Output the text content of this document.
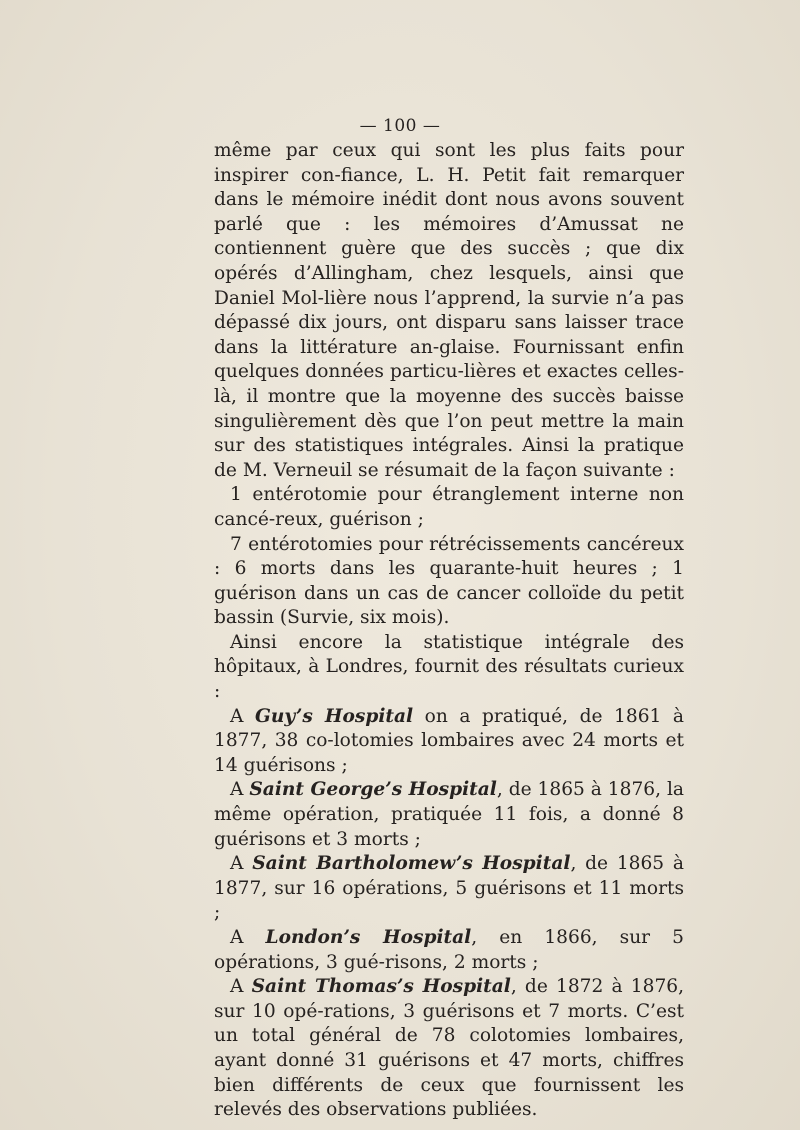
— 100 —

même par ceux qui sont les plus faits pour inspirer con-fiance, L. H. Petit fait remarquer dans le mémoire inédit dont nous avons souvent parlé que : les mémoires d’Amussat ne contiennent guère que des succès ; que dix opérés d’Allingham, chez lesquels, ainsi que Daniel Mol-lière nous l’apprend, la survie n’a pas dépassé dix jours, ont disparu sans laisser trace dans la littérature an-glaise. Fournissant enfin quelques données particu-lières et exactes celles-là, il montre que la moyenne des succès baisse singulièrement dès que l’on peut mettre la main sur des statistiques intégrales. Ainsi la pratique de M. Verneuil se résumait de la façon suivante :

1 entérotomie pour étranglement interne non cancé-reux, guérison ;

7 entérotomies pour rétrécissements cancéreux : 6 morts dans les quarante-huit heures ; 1 guérison dans un cas de cancer colloïde du petit bassin (Survie, six mois).

Ainsi encore la statistique intégrale des hôpitaux, à Londres, fournit des résultats curieux :

A Guy’s Hospital on a pratiqué, de 1861 à 1877, 38 co-lotomies lombaires avec 24 morts et 14 guérisons ;

A Saint George’s Hospital, de 1865 à 1876, la même opération, pratiquée 11 fois, a donné 8 guérisons et 3 morts ;

A Saint Bartholomew’s Hospital, de 1865 à 1877, sur 16 opérations, 5 guérisons et 11 morts ;

A London’s Hospital, en 1866, sur 5 opérations, 3 gué-risons, 2 morts ;

A Saint Thomas’s Hospital, de 1872 à 1876, sur 10 opé-rations, 3 guérisons et 7 morts. C’est un total général de 78 colotomies lombaires, ayant donné 31 guérisons et 47 morts, chiffres bien différents de ceux que fournissent les relevés des observations publiées.
